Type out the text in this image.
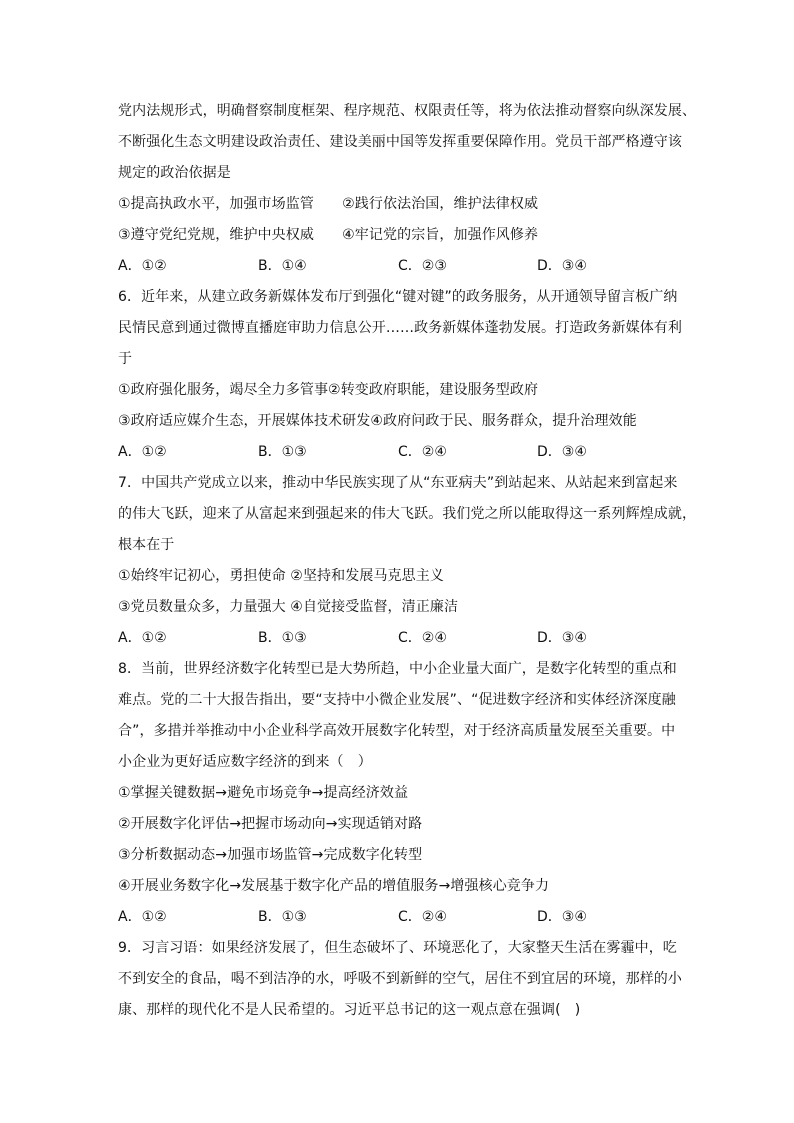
党内法规形式，明确督察制度框架、程序规范、权限责任等，将为依法推动督察向纵深发展、
不断强化生态文明建设政治责任、建设美丽中国等发挥重要保障作用。党员干部严格遵守该
规定的政治依据是
①提高执政水平，加强市场监管　　②践行依法治国，维护法律权威
③遵守党纪党规，维护中央权威　　④牢记党的宗旨，加强作风修养
A．①②	B．①④	C．②③	D．③④
6．近年来，从建立政务新媒体发布厅到强化“键对键”的政务服务，从开通领导留言板广纳
民情民意到通过微博直播庭审助力信息公开……政务新媒体蓬勃发展。打造政务新媒体有利
于
①政府强化服务，竭尽全力多管事②转变政府职能，建设服务型政府
③政府适应媒介生态，开展媒体技术研发④政府问政于民、服务群众，提升治理效能
A．①②	B．①③	C．②④	D．③④
7．中国共产党成立以来，推动中华民族实现了从“东亚病夫”到站起来、从站起来到富起来
的伟大飞跃，迎来了从富起来到强起来的伟大飞跃。我们党之所以能取得这一系列辉煌成就，
根本在于
①始终牢记初心，勇担使命 ②坚持和发展马克思主义
③党员数量众多，力量强大 ④自觉接受监督，清正廉洁
A．①②	B．①③	C．②④	D．③④
8．当前，世界经济数字化转型已是大势所趋，中小企业量大面广，是数字化转型的重点和
难点。党的二十大报告指出，要“支持中小微企业发展”、“促进数字经济和实体经济深度融
合”，多措并举推动中小企业科学高效开展数字化转型，对于经济高质量发展至关重要。中
小企业为更好适应数字经济的到来（　）
①掌握关键数据→避免市场竞争→提高经济效益
②开展数字化评估→把握市场动向→实现适销对路
③分析数据动态→加强市场监管→完成数字化转型
④开展业务数字化→发展基于数字化产品的增值服务→增强核心竞争力
A．①②	B．①③	C．②④	D．③④
9．习言习语：如果经济发展了，但生态破坏了、环境恶化了，大家整天生活在雾霾中，吃
不到安全的食品，喝不到洁净的水，呼吸不到新鲜的空气，居住不到宜居的环境，那样的小
康、那样的现代化不是人民希望的。习近平总书记的这一观点意在强调(　)
